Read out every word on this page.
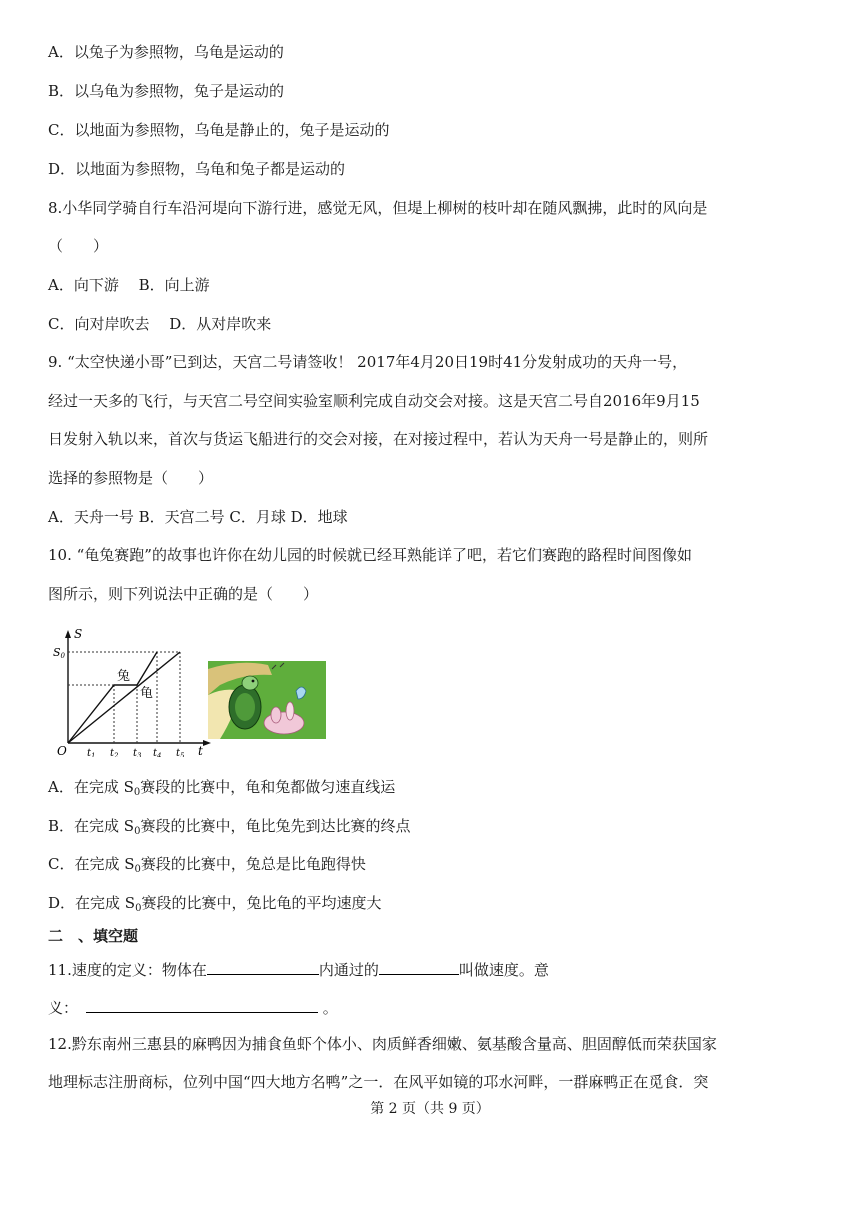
A．以兔子为参照物，乌龟是运动的
B．以乌龟为参照物，兔子是运动的
C．以地面为参照物，乌龟是静止的，兔子是运动的
D．以地面为参照物，乌龟和兔子都是运动的
8.小华同学骑自行车沿河堤向下游行进，感觉无风，但堤上柳树的枝叶却在随风飘拂，此时的风向是
（　　）
A．向下游　 B．向上游
C．向对岸吹去　 D．从对岸吹来
9. “太空快递小哥”已到达，天宫二号请签收！ 2017年4月20日19时41分发射成功的天舟一号，
经过一天多的飞行，与天宫二号空间实验室顺利完成自动交会对接。这是天宫二号自2016年9月15
日发射入轨以来，首次与货运飞船进行的交会对接，在对接过程中，若认为天舟一号是静止的，则所
选择的参照物是（　　）
A．天舟一号 B．天宫二号 C．月球 D．地球
10. “龟兔赛跑”的故事也许你在幼儿园的时候就已经耳熟能详了吧，若它们赛跑的路程时间图像如
图所示，则下列说法中正确的是（　　）
S
S0
O	t
兔
龟
$t_1$ $t_2$ $t_3$ $t_4$ $t_5$
A．在完成 $S_0$赛段的比赛中，龟和兔都做匀速直线运
B．在完成 $S_0$赛段的比赛中，龟比兔先到达比赛的终点
C．在完成 $S_0$赛段的比赛中，兔总是比龟跑得快
D．在完成 $S_0$赛段的比赛中，兔比龟的平均速度大
二　、填空题
11.速度的定义：物体在	内通过的	叫做速度。意
义：	。
12.黔东南州三惠县的麻鸭因为捕食鱼虾个体小、肉质鲜香细嫩、氨基酸含量高、胆固醇低而荣获国家
地理标志注册商标，位列中国“四大地方名鸭”之一．在风平如镜的邛水河畔，一群麻鸭正在觅食．突
第 2 页（共 9 页）
